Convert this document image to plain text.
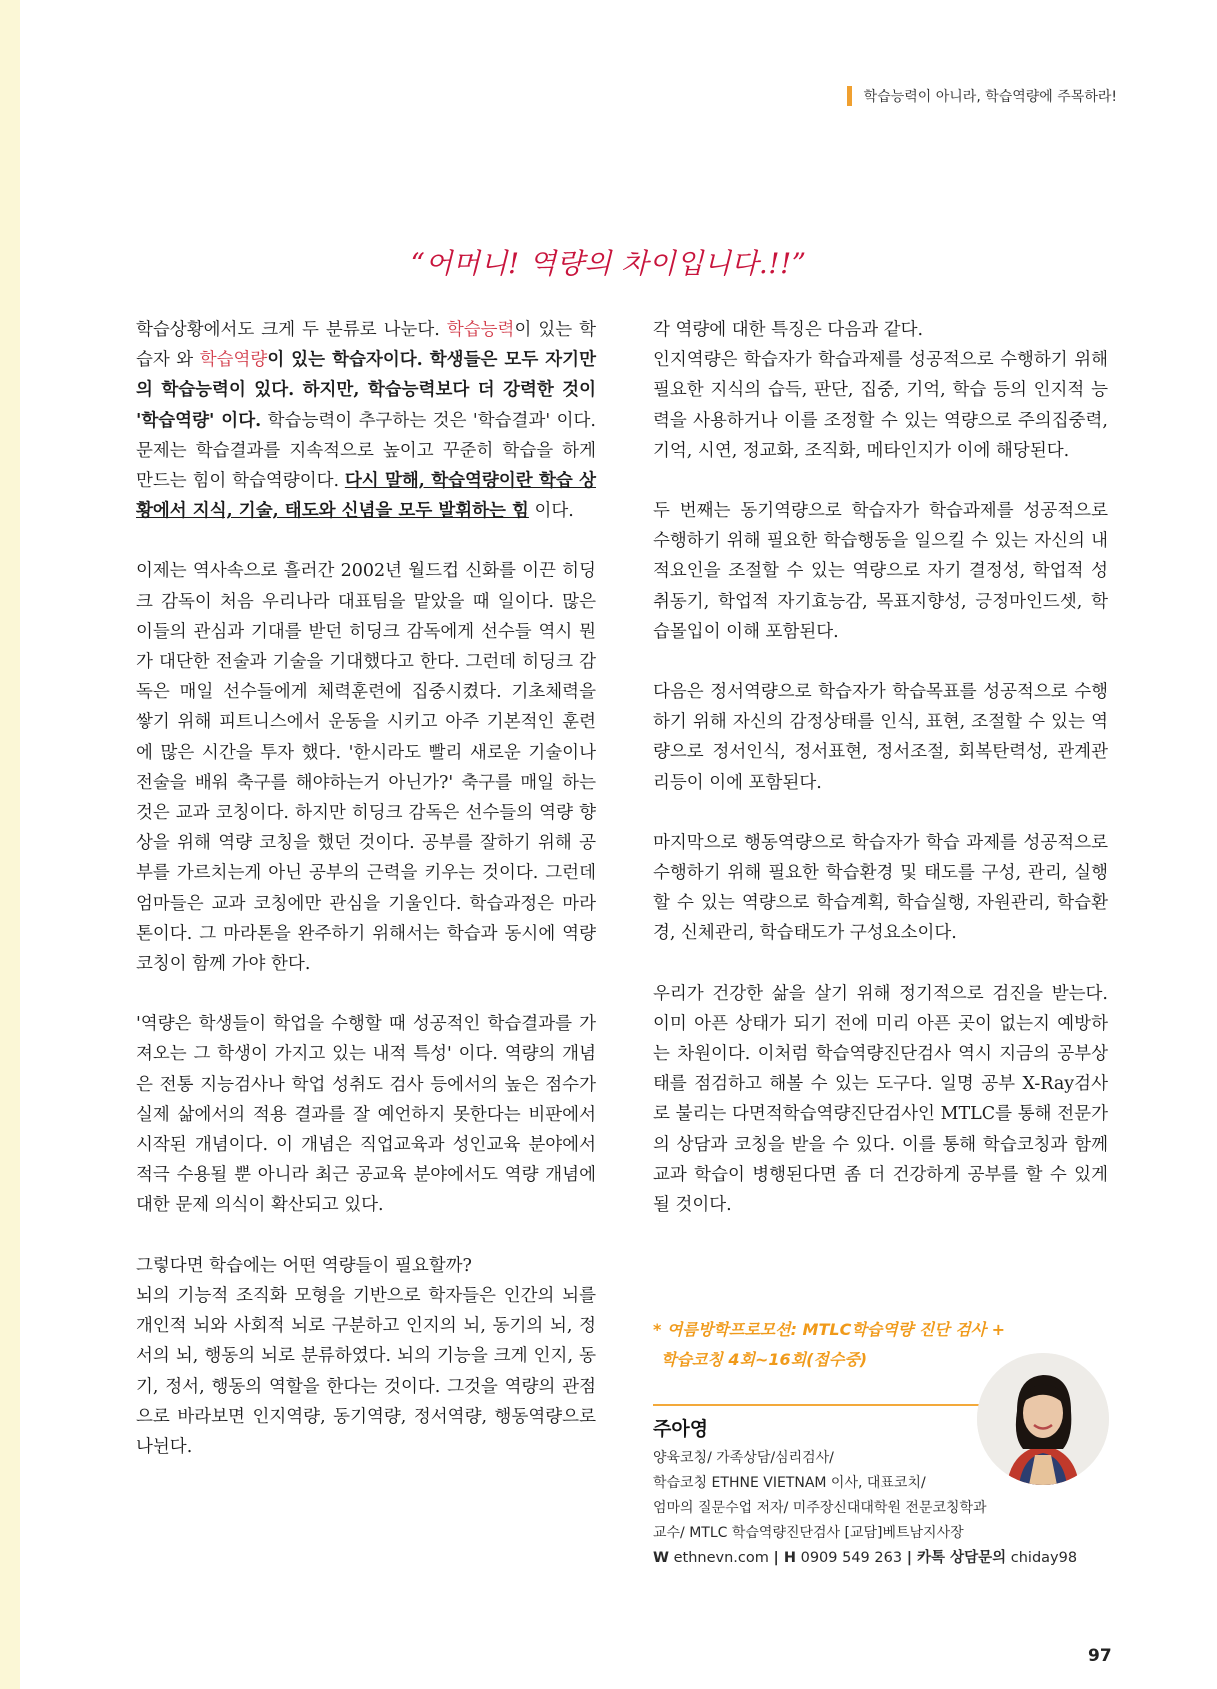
학습능력이 아니라, 학습역량에 주목하라!
“어머니! 역량의 차이입니다.!!”

학습상황에서도 크게 두 분류로 나눈다. 학습능력이 있는 학습자 와 학습역량이 있는 학습자이다. 학생들은 모두 자기만의 학습능력이 있다. 하지만, 학습능력보다 더 강력한 것이 '학습역량' 이다. 학습능력이 추구하는 것은 '학습결과' 이다. 문제는 학습결과를 지속적으로 높이고 꾸준히 학습을 하게 만드는 힘이 학습역량이다. 다시 말해, 학습역량이란 학습 상황에서 지식, 기술, 태도와 신념을 모두 발휘하는 힘 이다.

이제는 역사속으로 흘러간 2002년 월드컵 신화를 이끈 히딩크 감독이 처음 우리나라 대표팀을 맡았을 때 일이다. 많은 이들의 관심과 기대를 받던 히딩크 감독에게 선수들 역시 뭔가 대단한 전술과 기술을 기대했다고 한다. 그런데 히딩크 감독은 매일 선수들에게 체력훈련에 집중시켰다. 기초체력을 쌓기 위해 피트니스에서 운동을 시키고 아주 기본적인 훈련에 많은 시간을 투자 했다. '한시라도 빨리 새로운 기술이나 전술을 배워 축구를 해야하는거 아닌가?' 축구를 매일 하는 것은 교과 코칭이다. 하지만 히딩크 감독은 선수들의 역량 향상을 위해 역량 코칭을 했던 것이다. 공부를 잘하기 위해 공부를 가르치는게 아닌 공부의 근력을 키우는 것이다. 그런데 엄마들은 교과 코칭에만 관심을 기울인다. 학습과정은 마라톤이다. 그 마라톤을 완주하기 위해서는 학습과 동시에 역량 코칭이 함께 가야 한다.

'역량은 학생들이 학업을 수행할 때 성공적인 학습결과를 가져오는 그 학생이 가지고 있는 내적 특성' 이다. 역량의 개념은 전통 지능검사나 학업 성취도 검사 등에서의 높은 점수가 실제 삶에서의 적용 결과를 잘 예언하지 못한다는 비판에서 시작된 개념이다. 이 개념은 직업교육과 성인교육 분야에서 적극 수용될 뿐 아니라 최근 공교육 분야에서도 역량 개념에 대한 문제 의식이 확산되고 있다.

그렇다면 학습에는 어떤 역량들이 필요할까?

뇌의 기능적 조직화 모형을 기반으로 학자들은 인간의 뇌를 개인적 뇌와 사회적 뇌로 구분하고 인지의 뇌, 동기의 뇌, 정서의 뇌, 행동의 뇌로 분류하였다. 뇌의 기능을 크게 인지, 동기, 정서, 행동의 역할을 한다는 것이다. 그것을 역량의 관점으로 바라보면 인지역량, 동기역량, 정서역량, 행동역량으로 나뉜다.

각 역량에 대한 특징은 다음과 같다.

인지역량은 학습자가 학습과제를 성공적으로 수행하기 위해 필요한 지식의 습득, 판단, 집중, 기억, 학습 등의 인지적 능력을 사용하거나 이를 조정할 수 있는 역량으로 주의집중력, 기억, 시연, 정교화, 조직화, 메타인지가 이에 해당된다.

두 번째는 동기역량으로 학습자가 학습과제를 성공적으로 수행하기 위해 필요한 학습행동을 일으킬 수 있는 자신의 내적요인을 조절할 수 있는 역량으로 자기 결정성, 학업적 성취동기, 학업적 자기효능감, 목표지향성, 긍정마인드셋, 학습몰입이 이해 포함된다.

다음은 정서역량으로 학습자가 학습목표를 성공적으로 수행하기 위해 자신의 감정상태를 인식, 표현, 조절할 수 있는 역량으로 정서인식, 정서표현, 정서조절, 회복탄력성, 관계관리등이 이에 포함된다.

마지막으로 행동역량으로 학습자가 학습 과제를 성공적으로 수행하기 위해 필요한 학습환경 및 태도를 구성, 관리, 실행할 수 있는 역량으로 학습계획, 학습실행, 자원관리, 학습환경, 신체관리, 학습태도가 구성요소이다.

우리가 건강한 삶을 살기 위해 정기적으로 검진을 받는다. 이미 아픈 상태가 되기 전에 미리 아픈 곳이 없는지 예방하는 차원이다. 이처럼 학습역량진단검사 역시 지금의 공부상태를 점검하고 해볼 수 있는 도구다. 일명 공부 X-Ray검사로 불리는 다면적학습역량진단검사인 MTLC를 통해 전문가의 상담과 코칭을 받을 수 있다. 이를 통해 학습코칭과 함께 교과 학습이 병행된다면 좀 더 건강하게 공부를 할 수 있게 될 것이다.

* 여름방학프로모션: MTLC학습역량 진단 검사 +
학습코칭 4회~16회(접수중)
주아영
양육코칭/ 가족상담/심리검사/
학습코칭 ETHNE VIETNAM 이사, 대표코치/
엄마의 질문수업 저자/ 미주장신대대학원 전문코칭학과
교수/ MTLC 학습역량진단검사 [교담]베트남지사장
W ethnevn.com | H 0909 549 263 | 카톡 상담문의 chiday98
97
